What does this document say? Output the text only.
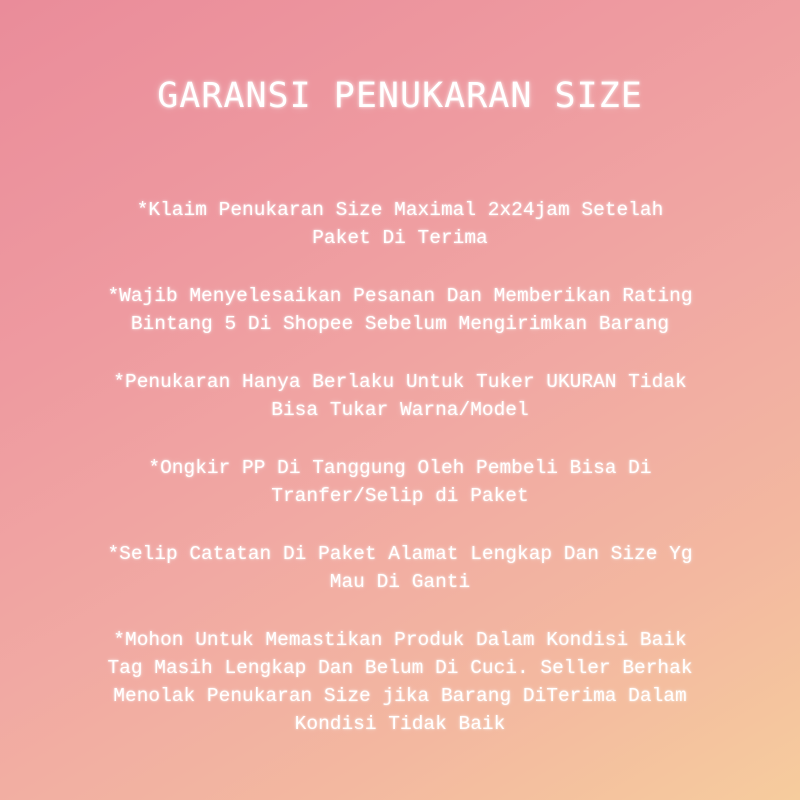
GARANSI PENUKARAN SIZE
*Klaim Penukaran Size Maximal 2x24jam Setelah
Paket Di Terima
*Wajib Menyelesaikan Pesanan Dan Memberikan Rating
Bintang 5 Di Shopee Sebelum Mengirimkan Barang
*Penukaran Hanya Berlaku Untuk Tuker UKURAN Tidak
Bisa Tukar Warna/Model
*Ongkir PP Di Tanggung Oleh Pembeli Bisa Di
Tranfer/Selip di Paket
*Selip Catatan Di Paket Alamat Lengkap Dan Size Yg
Mau Di Ganti
*Mohon Untuk Memastikan Produk Dalam Kondisi Baik
Tag Masih Lengkap Dan Belum Di Cuci. Seller Berhak
Menolak Penukaran Size jika Barang DiTerima Dalam
Kondisi Tidak Baik
